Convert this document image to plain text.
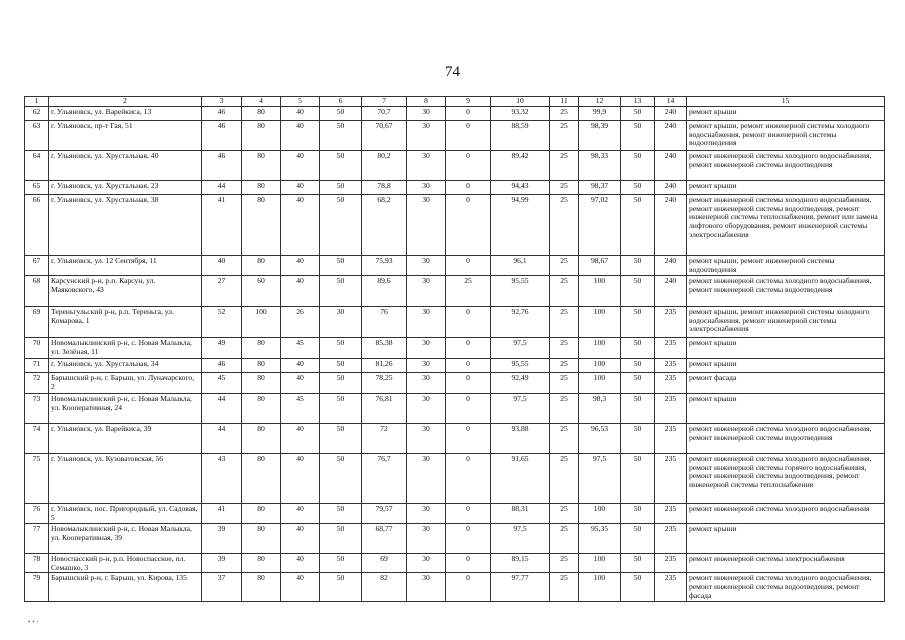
74
1	2	3	4	5	6	7	8	9	10	11	12	13	14	15
62	г. Ульяновск, ул. Варейкиса, 13	46	80	40	50	70,7	30	0	93,32	25	99,9	50	240	ремонт крыши
63	г. Ульяновск, пр-т Гая, 51	46	80	40	50	70,67	30	0	88,59	25	98,39	50	240	ремонт крыши, ремонт инженерной системы холодного водоснабжения, ремонт инженерной системы водоотведения
64	г. Ульяновск, ул. Хрустальная, 40	46	80	40	50	80,2	30	0	89,42	25	98,33	50	240	ремонт инженерной системы холодного водоснабжения, ремонт инженерной системы водоотведения
65	г. Ульяновск, ул. Хрустальная, 23	44	80	40	50	78,8	30	0	94,43	25	98,37	50	240	ремонт крыши
66	г. Ульяновск, ул. Хрустальная, 38	41	80	40	50	68,2	30	0	94,99	25	97,02	50	240	ремонт инженерной системы холодного водоснабжения, ремонт инженерной системы водоотведения, ремонт инженерной системы теплоснабжения, ремонт или замена лифтового оборудования, ремонт инженерной системы электроснабжения
67	г. Ульяновск, ул. 12 Сентября, 11	40	80	40	50	75,93	30	0	96,1	25	98,67	50	240	ремонт крыши, ремонт инженерной системы водоотведения
68	Карсунский р-н, р.п. Карсун, ул. Маяковского, 43	27	60	40	50	89,6	30	25	95,55	25	100	50	240	ремонт инженерной системы холодного водоснабжения, ремонт инженерной системы водоотведения
69	Тереньгульский р-н, р.п. Тереньга, ул. Комарова, 1	52	100	26	30	76	30	0	92,76	25	100	50	235	ремонт крыши, ремонт инженерной системы холодного водоснабжения, ремонт инженерной системы электроснабжения
70	Новомалыклинский р-н, с. Новая Малыкла, ул. Зелёная, 11	49	80	45	50	85,38	30	0	97,5	25	100	50	235	ремонт крыши
71	г. Ульяновск, ул. Хрустальная, 34	46	80	40	50	81,26	30	0	95,55	25	100	50	235	ремонт крыши
72	Барышский р-н, г. Барыш, ул. Луначарского, 2	45	80	40	50	78,25	30	0	92,49	25	100	50	235	ремонт фасада
73	Новомалыклинский р-н, с. Новая Малыкла, ул. Кооперативная, 24	44	80	45	50	76,81	30	0	97,5	25	98,3	50	235	ремонт крыши
74	г. Ульяновск, ул. Варейкиса, 39	44	80	40	50	72	30	0	93,88	25	96,53	50	235	ремонт инженерной системы холодного водоснабжения, ремонт инженерной системы водоотведения
75	г. Ульяновск, ул. Кузоватовская, 56	43	80	40	50	76,7	30	0	91,65	25	97,5	50	235	ремонт инженерной системы холодного водоснабжения, ремонт инженерной системы горячего водоснабжения, ремонт инженерной системы водоотведения, ремонт инженерной системы теплоснабжения
76	г. Ульяновск, пос. Пригородный, ул. Садовая, 5	41	80	40	50	79,57	30	0	88,31	25	100	50	235	ремонт инженерной системы холодного водоснабжения
77	Новомалыклинский р-н, с. Новая Малыкла, ул. Кооперативная, 39	39	80	40	50	68,77	30	0	97,5	25	95,35	50	235	ремонт крыши
78	Новоспасский р-н, р.п. Новоспасское, пл. Семашко, 3	39	80	40	50	69	30	0	89,15	25	100	50	235	ремонт инженерной системы электроснабжения
79	Барышский р-н, г. Барыш, ул. Кирова, 135	37	80	40	50	82	30	0	97,77	25	100	50	235	ремонт инженерной системы холодного водоснабжения, ремонт инженерной системы водоотведения, ремонт фасада
• • ·
